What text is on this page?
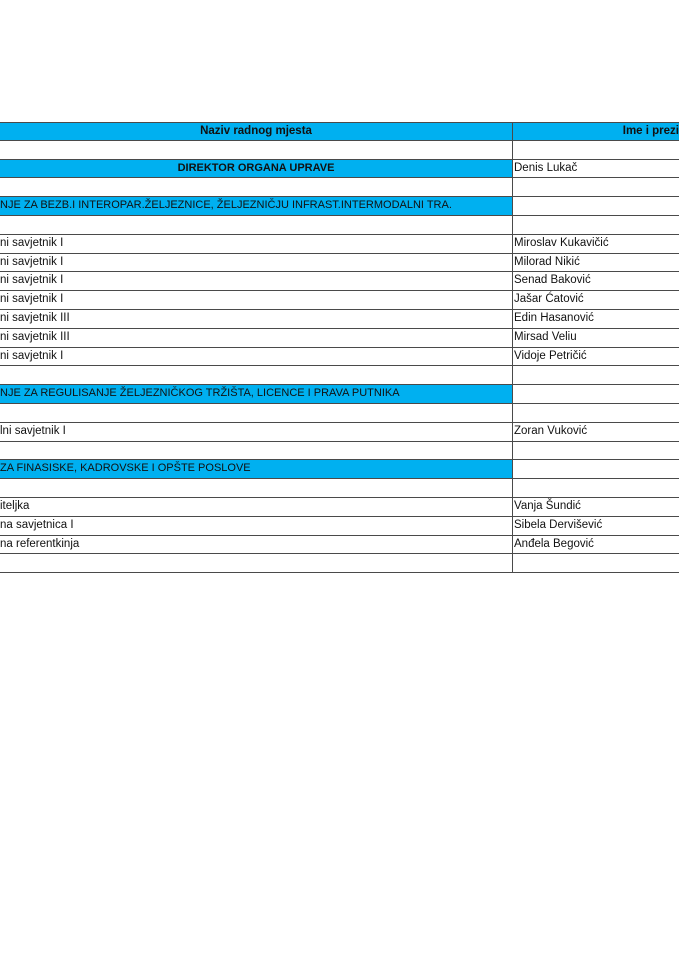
Naziv radnog mjesta	Ime i prezi
DIREKTOR ORGANA UPRAVE	Denis Lukač
NJE ZA BEZB.I INTEROPAR.ŽELJEZNICE, ŽELJEZNIČJU INFRAST.INTERMODALNI TRA.
ni savjetnik I	Miroslav Kukavičić
ni savjetnik I	Milorad Nikić
ni savjetnik I	Senad Baković
ni savjetnik I	Jašar Ćatović
ni savjetnik III	Edin Hasanović
ni savjetnik III	Mirsad Veliu
ni savjetnik I	Vidoje Petričić
NJE ZA REGULISANJE ŽELJEZNIČKOG TRŽIŠTA, LICENCE I PRAVA PUTNIKA
lni savjetnik I	Zoran Vuković
ZA FINASISKE, KADROVSKE I OPŠTE POSLOVE
iteljka	Vanja Šundić
na savjetnica I	Sibela Dervišević
na referentkinja	Anđela Begović
